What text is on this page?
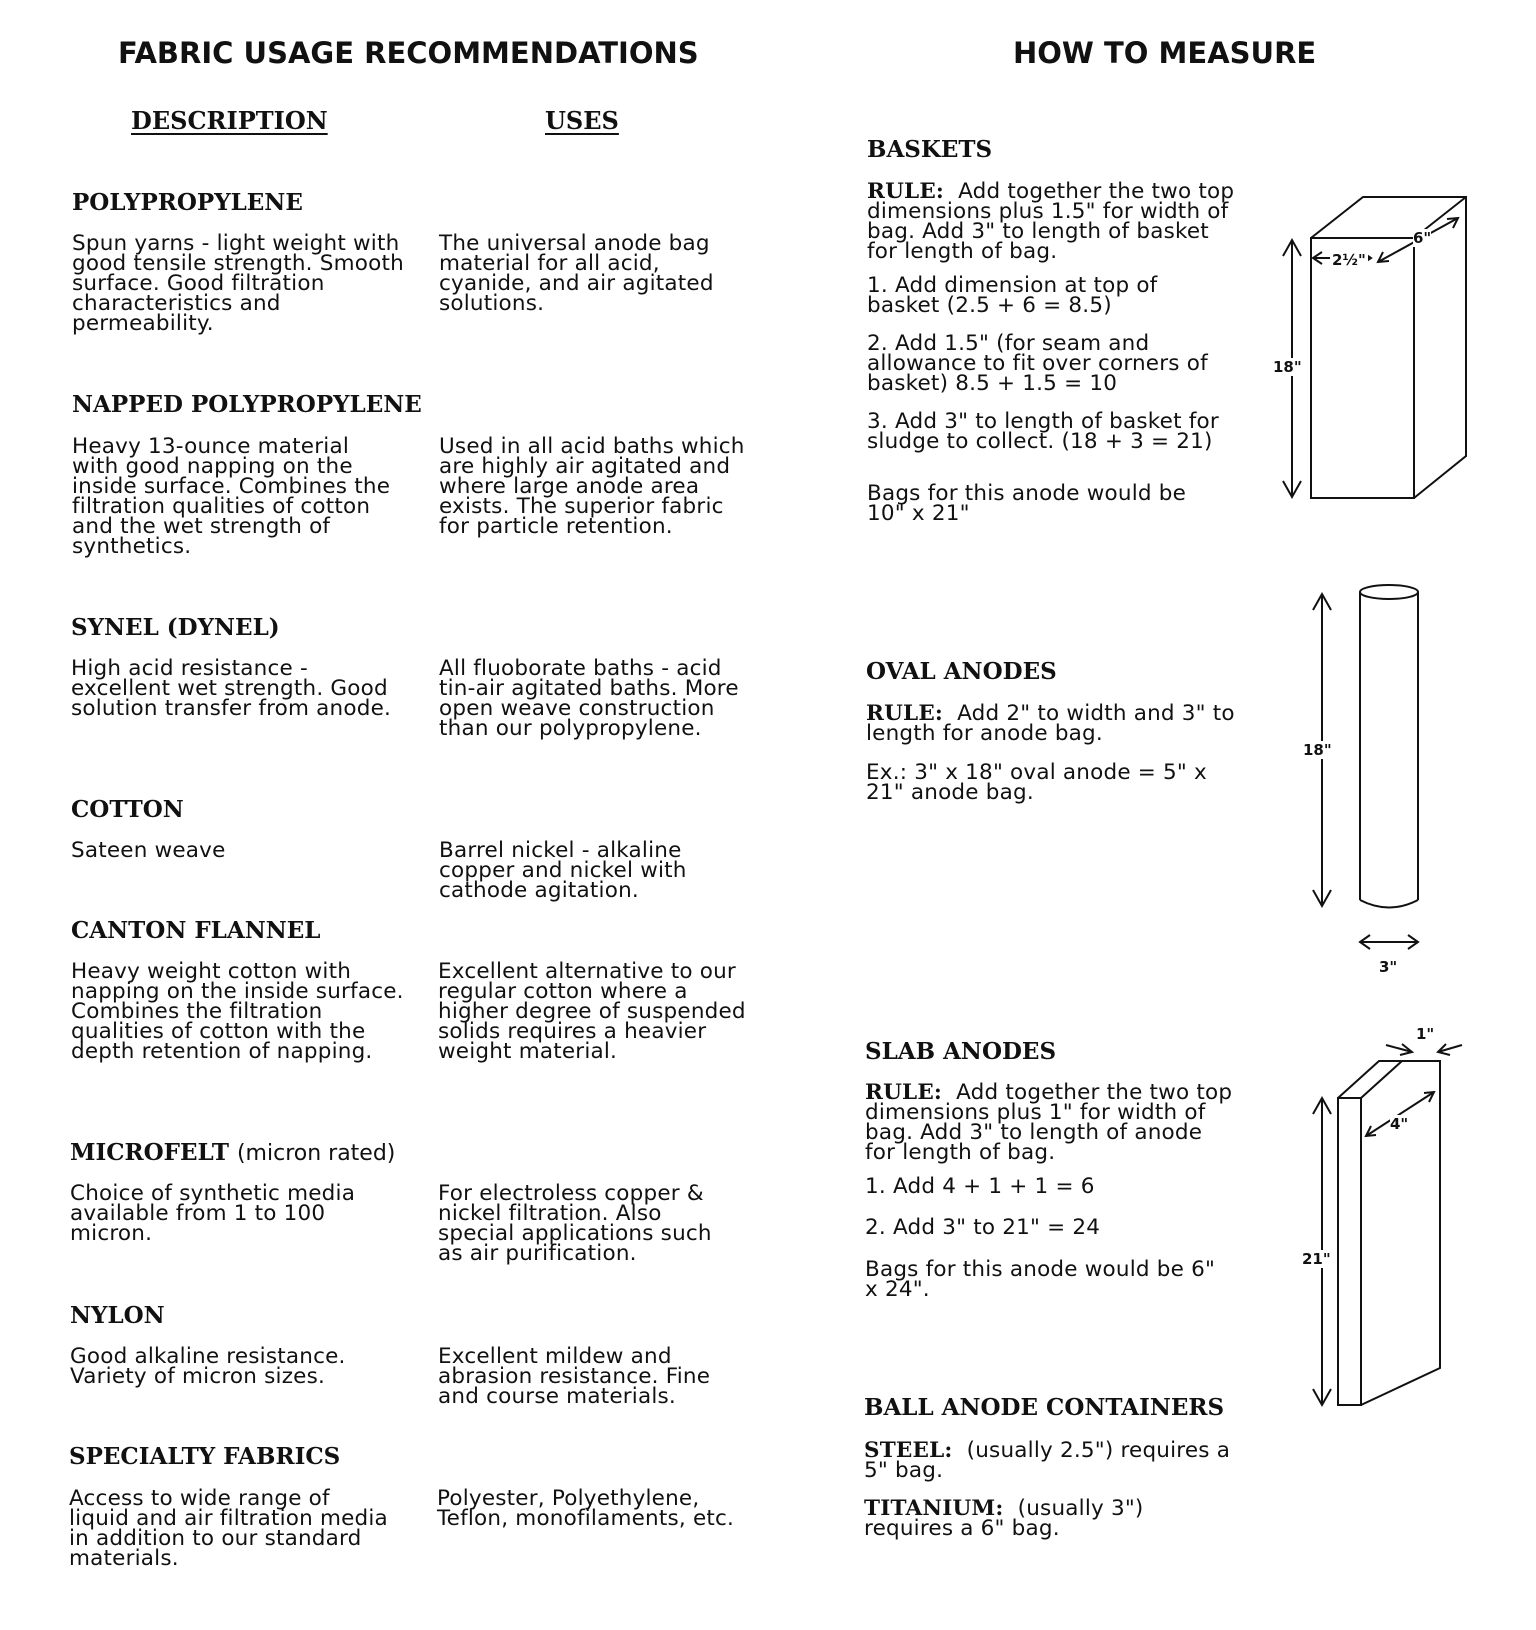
FABRIC USAGE RECOMMENDATIONS
DESCRIPTION	USES
POLYPROPYLENE
Spun yarns - light weight with good tensile strength. Smooth surface. Good filtration characteristics and permeability.
The universal anode bag material for all acid, cyanide, and air agitated solutions.
NAPPED POLYPROPYLENE
Heavy 13-ounce material with good napping on the inside surface. Combines the filtration qualities of cotton and the wet strength of synthetics.
Used in all acid baths which are highly air agitated and where large anode area exists. The superior fabric for particle retention.
SYNEL (DYNEL)
High acid resistance - excellent wet strength. Good solution transfer from anode.
All fluoborate baths - acid tin-air agitated baths. More open weave construction than our polypropylene.
COTTON
Sateen weave	Barrel nickel - alkaline copper and nickel with cathode agitation.
CANTON FLANNEL
Heavy weight cotton with napping on the inside surface. Combines the filtration qualities of cotton with the depth retention of napping.
Excellent alternative to our regular cotton where a higher degree of suspended solids requires a heavier weight material.
MICROFELT (micron rated)
Choice of synthetic media available from 1 to 100 micron.
For electroless copper & nickel filtration. Also special applications such as air purification.
NYLON
Good alkaline resistance. Variety of micron sizes.
Excellent mildew and abrasion resistance. Fine and course materials.
SPECIALTY FABRICS
Access to wide range of liquid and air filtration media in addition to our standard materials.
Polyester, Polyethylene, Teflon, monofilaments, etc.
HOW TO MEASURE
BASKETS
RULE: Add together the two top dimensions plus 1.5" for width of bag. Add 3" to length of basket for length of bag.
1. Add dimension at top of basket (2.5 + 6 = 8.5)
2. Add 1.5" (for seam and allowance to fit over corners of basket) 8.5 + 1.5 = 10
3. Add 3" to length of basket for sludge to collect. (18 + 3 = 21)
Bags for this anode would be 10" x 21"
OVAL ANODES
RULE: Add 2" to width and 3" to length for anode bag.
Ex.: 3" x 18" oval anode = 5" x 21" anode bag.
SLAB ANODES
RULE: Add together the two top dimensions plus 1" for width of bag. Add 3" to length of anode for length of bag.
1. Add 4 + 1 + 1 = 6
2. Add 3" to 21" = 24
Bags for this anode would be 6" x 24".
BALL ANODE CONTAINERS
STEEL: (usually 2.5") requires a 5" bag.
TITANIUM: (usually 3") requires a 6" bag.
2½"
6"
18"
18"
3"
1"
4"
21"
